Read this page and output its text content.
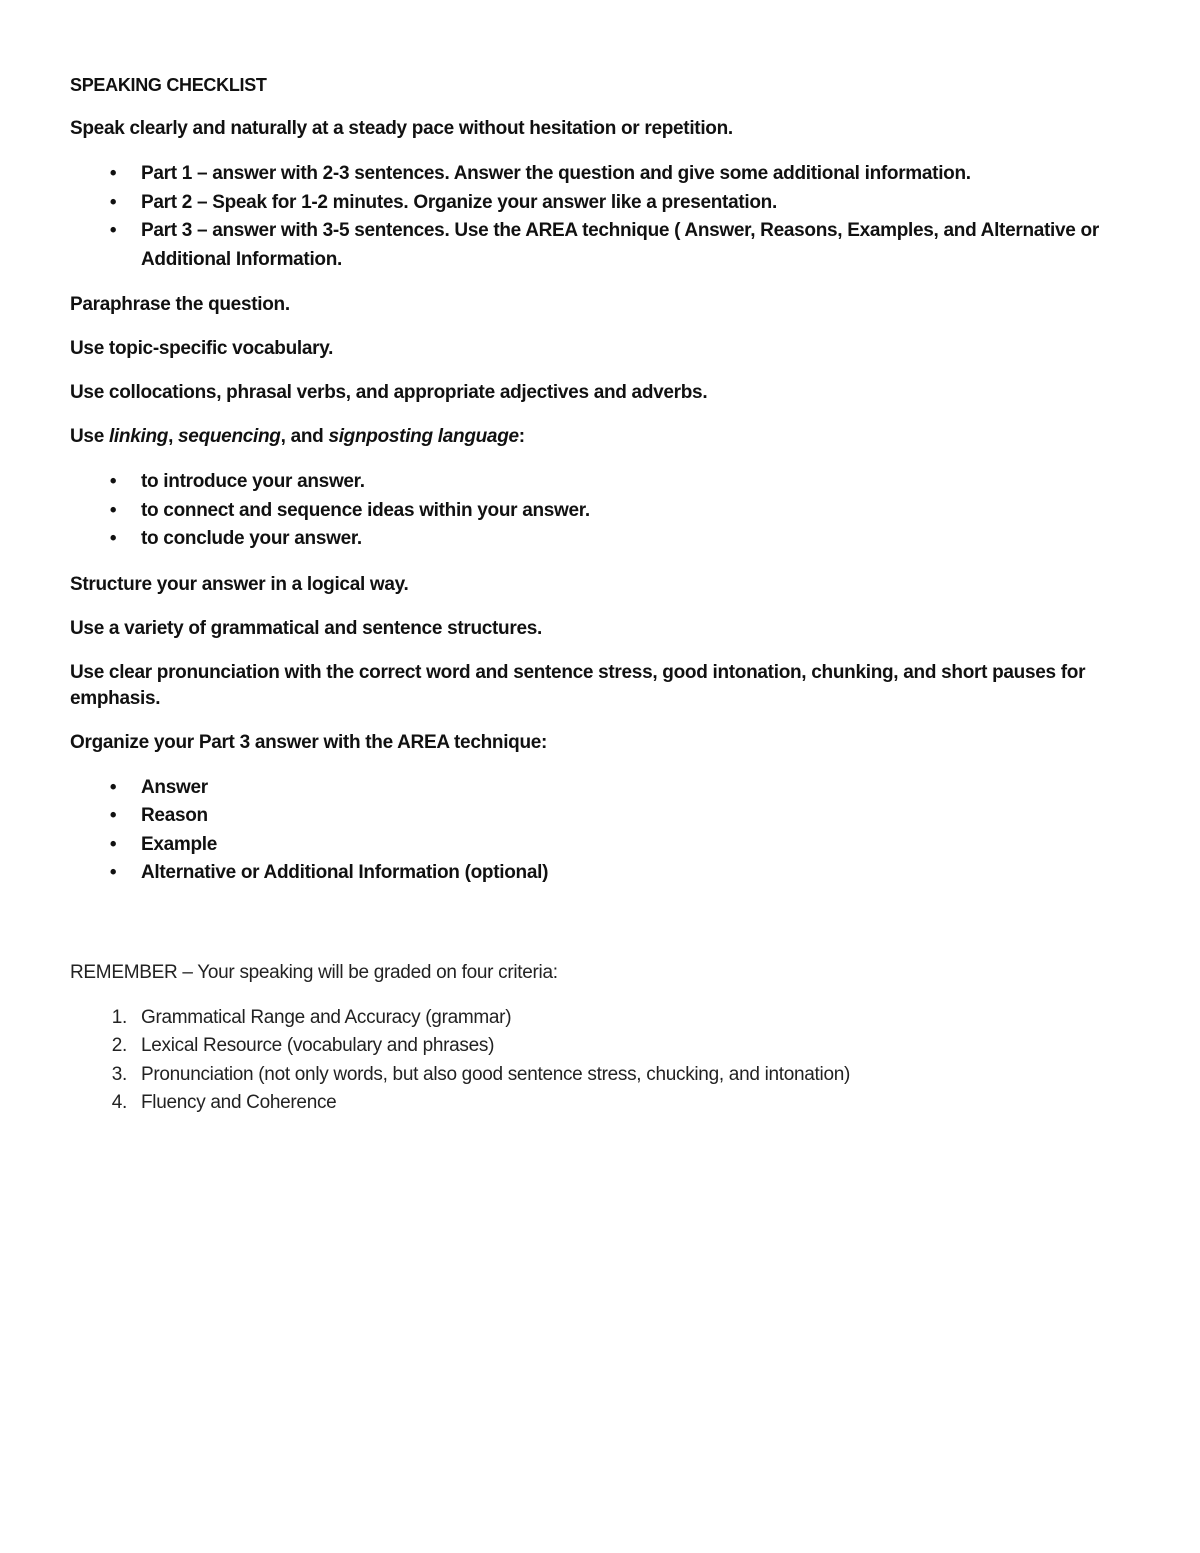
SPEAKING CHECKLIST

Speak clearly and naturally at a steady pace without hesitation or repetition.

•	Part 1 – answer with 2-3 sentences. Answer the question and give some additional information.
•	Part 2 – Speak for 1-2 minutes. Organize your answer like a presentation.
•	Part 3 – answer with 3-5 sentences. Use the AREA technique ( Answer, Reasons, Examples, and Alternative or Additional Information.

Paraphrase the question.

Use topic-specific vocabulary.

Use collocations, phrasal verbs, and appropriate adjectives and adverbs.

Use linking, sequencing, and signposting language:

•	to introduce your answer.
•	to connect and sequence ideas within your answer.
•	to conclude your answer.

Structure your answer in a logical way.

Use a variety of grammatical and sentence structures.

Use clear pronunciation with the correct word and sentence stress, good intonation, chunking, and short pauses for emphasis.

Organize your Part 3 answer with the AREA technique:

•	Answer
•	Reason
•	Example
•	Alternative or Additional Information (optional)

REMEMBER – Your speaking will be graded on four criteria:

1. Grammatical Range and Accuracy (grammar)
2. Lexical Resource (vocabulary and phrases)
3. Pronunciation (not only words, but also good sentence stress, chucking, and intonation)
4. Fluency and Coherence
